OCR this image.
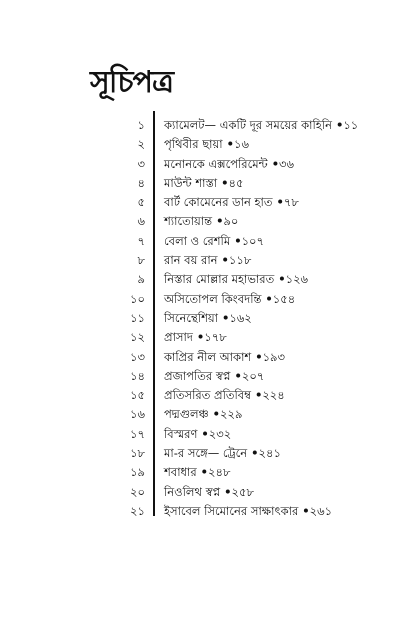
সূচিপত্র
১ ক্যামেলট— একটি দূর সময়ের কাহিনি • ১১
২ পৃথিবীর ছায়া • ১৬
৩ মনোনকে এক্সপেরিমেন্ট • ৩৬
৪ মাউন্ট শাস্তা • ৪৫
৫ বার্ট কোমেনের ডান হাত • ৭৮
৬ শ্যাতোয়ান্ত • ৯০
৭ বেলা ও রেশমি • ১০৭
৮ রান বয় রান • ১১৮
৯ নিস্তার মোল্লার মহাভারত • ১২৬
১০ অসিতোপল কিংবদন্তি • ১৫৪
১১ সিনেন্থেশিয়া • ১৬২
১২ প্রাসাদ • ১৭৮
১৩ কাপ্রির নীল আকাশ • ১৯৩
১৪ প্রজাপতির স্বপ্ন • ২০৭
১৫ প্রতিসরিত প্রতিবিম্ব • ২২৪
১৬ পদ্মগুলঞ্চ • ২২৯
১৭ বিস্মরণ • ২৩২
১৮ মা-র সঙ্গে— ট্রেনে • ২৪১
১৯ শবাধার • ২৪৮
২০ নিওলিথ স্বপ্ন • ২৫৮
২১ ইসাবেল সিমোনের সাক্ষাৎকার • ২৬১
